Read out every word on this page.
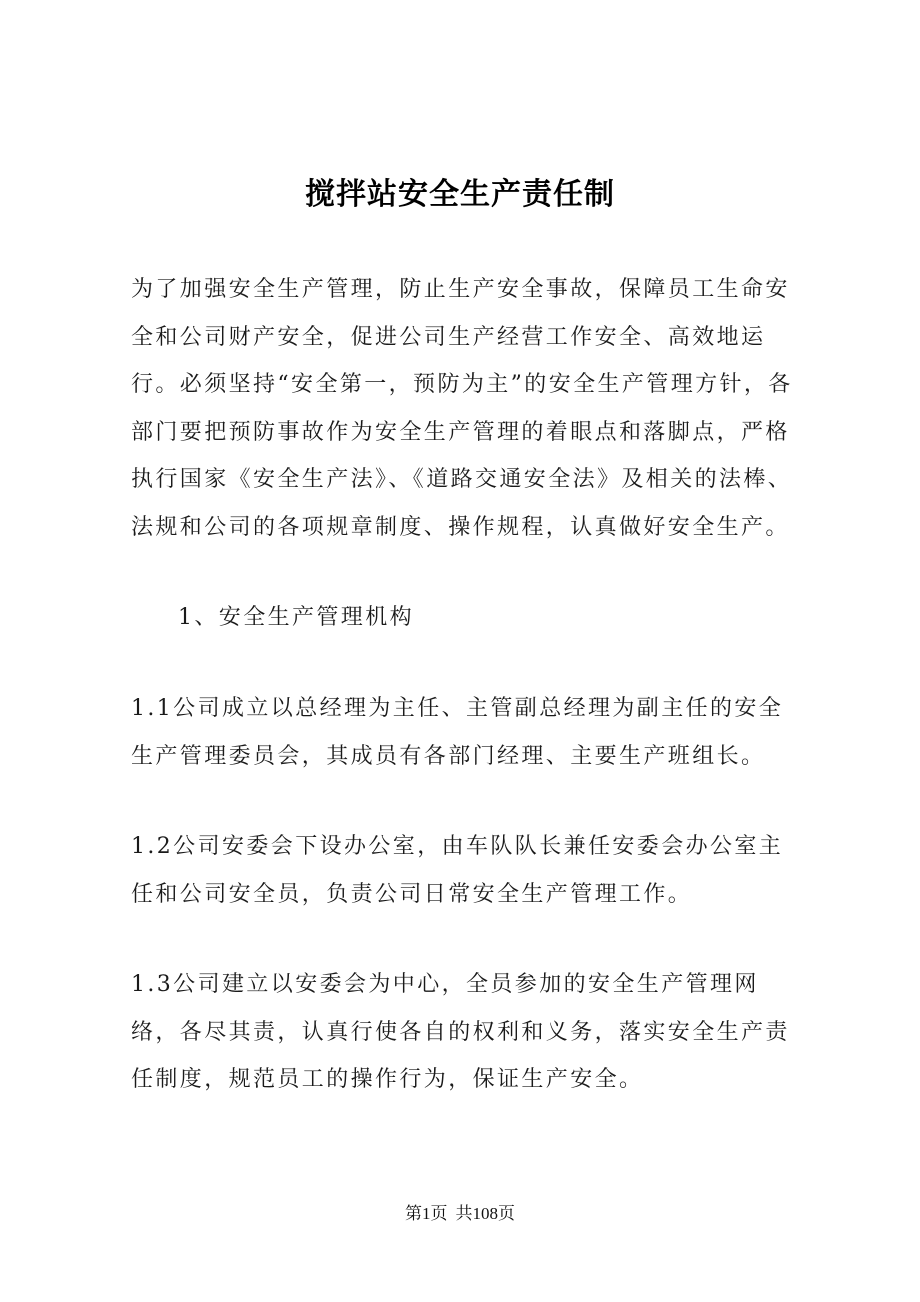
搅拌站安全生产责任制

为了加强安全生产管理，防止生产安全事故，保障员工生命安全和公司财产安全，促进公司生产经营工作安全、高效地运行。必须坚持“安全第一，预防为主”的安全生产管理方针，各部门要把预防事故作为安全生产管理的着眼点和落脚点，严格执行国家《安全生产法》、《道路交通安全法》及相关的法棒、法规和公司的各项规章制度、操作规程，认真做好安全生产。

1、安全生产管理机构

1.1公司成立以总经理为主任、主管副总经理为副主任的安全生产管理委员会，其成员有各部门经理、主要生产班组长。

1.2公司安委会下设办公室，由车队队长兼任安委会办公室主任和公司安全员，负责公司日常安全生产管理工作。

1.3公司建立以安委会为中心，全员参加的安全生产管理网络，各尽其责，认真行使各自的权利和义务，落实安全生产责任制度，规范员工的操作行为，保证生产安全。

第1页 共108页
